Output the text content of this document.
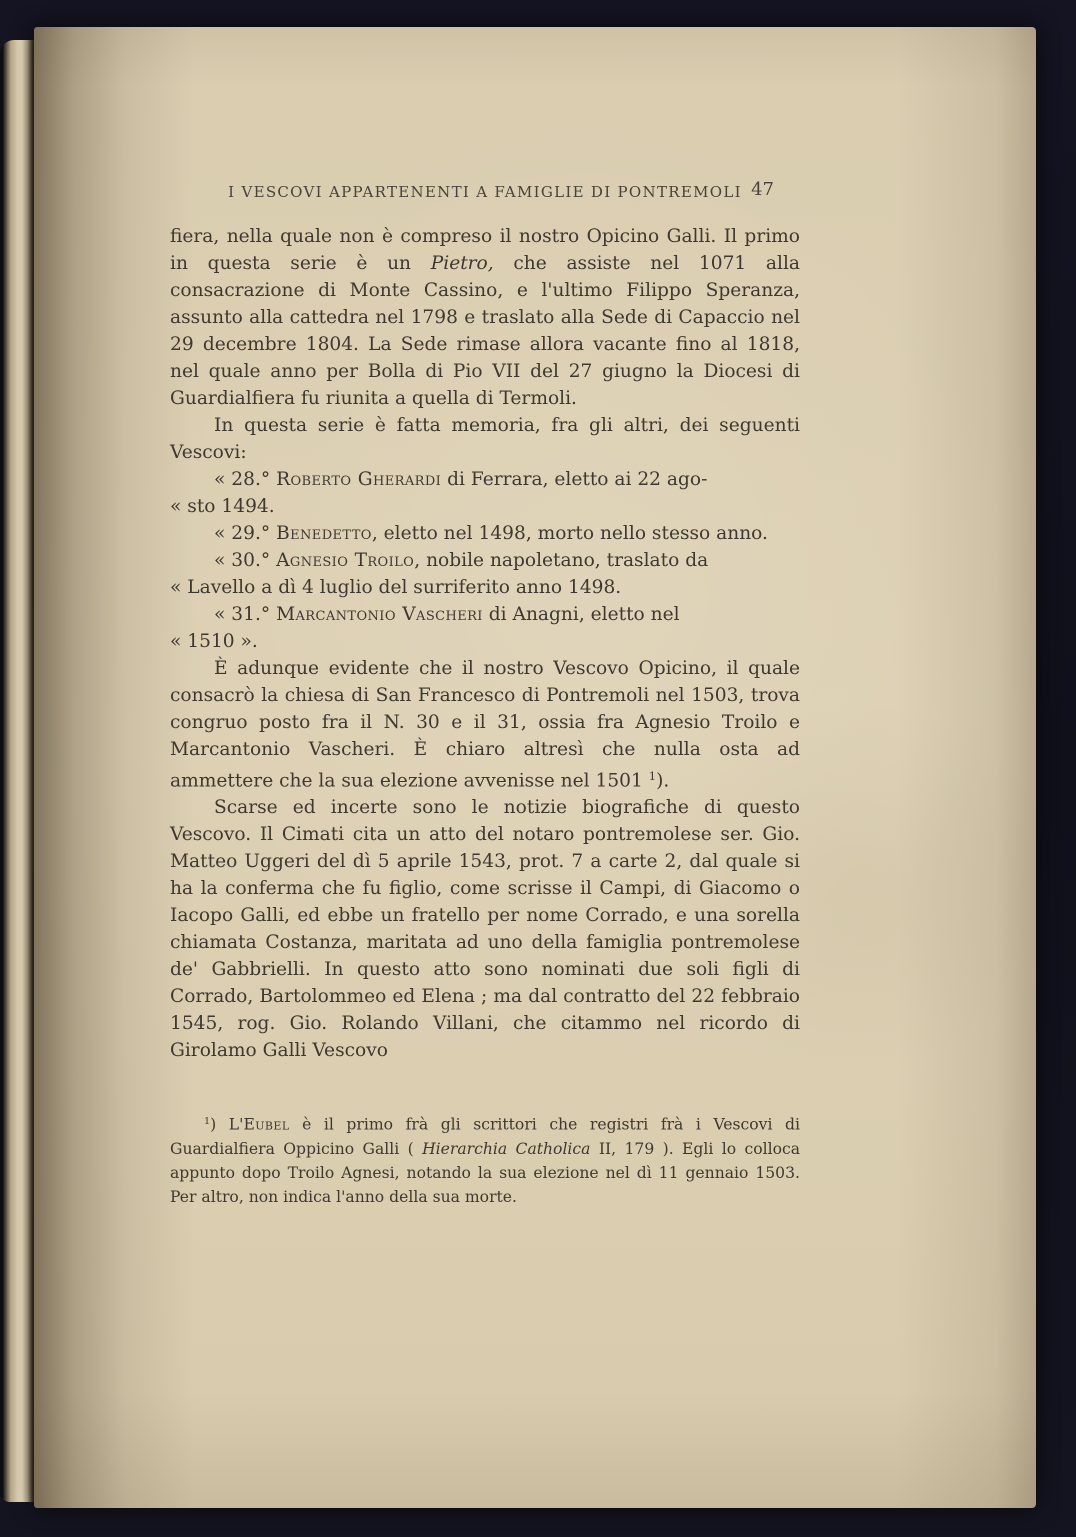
I VESCOVI APPARTENENTI A FAMIGLIE DI PONTREMOLI 47
fiera, nella quale non è compreso il nostro Opicino Galli. Il primo in questa serie è un Pietro, che assiste nel 1071 alla consacrazione di Monte Cassino, e l'ultimo Filippo Speranza, assunto alla cattedra nel 1798 e traslato alla Sede di Capaccio nel 29 decembre 1804. La Sede rimase allora vacante fino al 1818, nel quale anno per Bolla di Pio VII del 27 giugno la Diocesi di Guardialfiera fu riunita a quella di Termoli.
In questa serie è fatta memoria, fra gli altri, dei seguenti Vescovi:
« 28.° Roberto Gherardi di Ferrara, eletto ai 22 ago-
« sto 1494.
« 29.° Benedetto, eletto nel 1498, morto nello stesso anno.
« 30.° Agnesio Troilo, nobile napoletano, traslato da
« Lavello a dì 4 luglio del surriferito anno 1498.
« 31.° Marcantonio Vascheri di Anagni, eletto nel
« 1510 ».
È adunque evidente che il nostro Vescovo Opicino, il quale consacrò la chiesa di San Francesco di Pontremoli nel 1503, trova congruo posto fra il N. 30 e il 31, ossia fra Agnesio Troilo e Marcantonio Vascheri. È chiaro altresì che nulla osta ad ammettere che la sua elezione avvenisse nel 1501 $^1$).
Scarse ed incerte sono le notizie biografiche di questo Vescovo. Il Cimati cita un atto del notaro pontremolese ser. Gio. Matteo Uggeri del dì 5 aprile 1543, prot. 7 a carte 2, dal quale si ha la conferma che fu figlio, come scrisse il Campi, di Giacomo o Iacopo Galli, ed ebbe un fratello per nome Corrado, e una sorella chiamata Costanza, maritata ad uno della famiglia pontremolese de' Gabbrielli. In questo atto sono nominati due soli figli di Corrado, Bartolommeo ed Elena ; ma dal contratto del 22 febbraio 1545, rog. Gio. Rolando Villani, che citammo nel ricordo di Girolamo Galli Vescovo
$^1$) L'Eubel è il primo frà gli scrittori che registri frà i Vescovi di Guardialfiera Oppicino Galli ( Hierarchia Catholica II, 179 ). Egli lo colloca appunto dopo Troilo Agnesi, notando la sua elezione nel dì 11 gennaio 1503. Per altro, non indica l'anno della sua morte.
